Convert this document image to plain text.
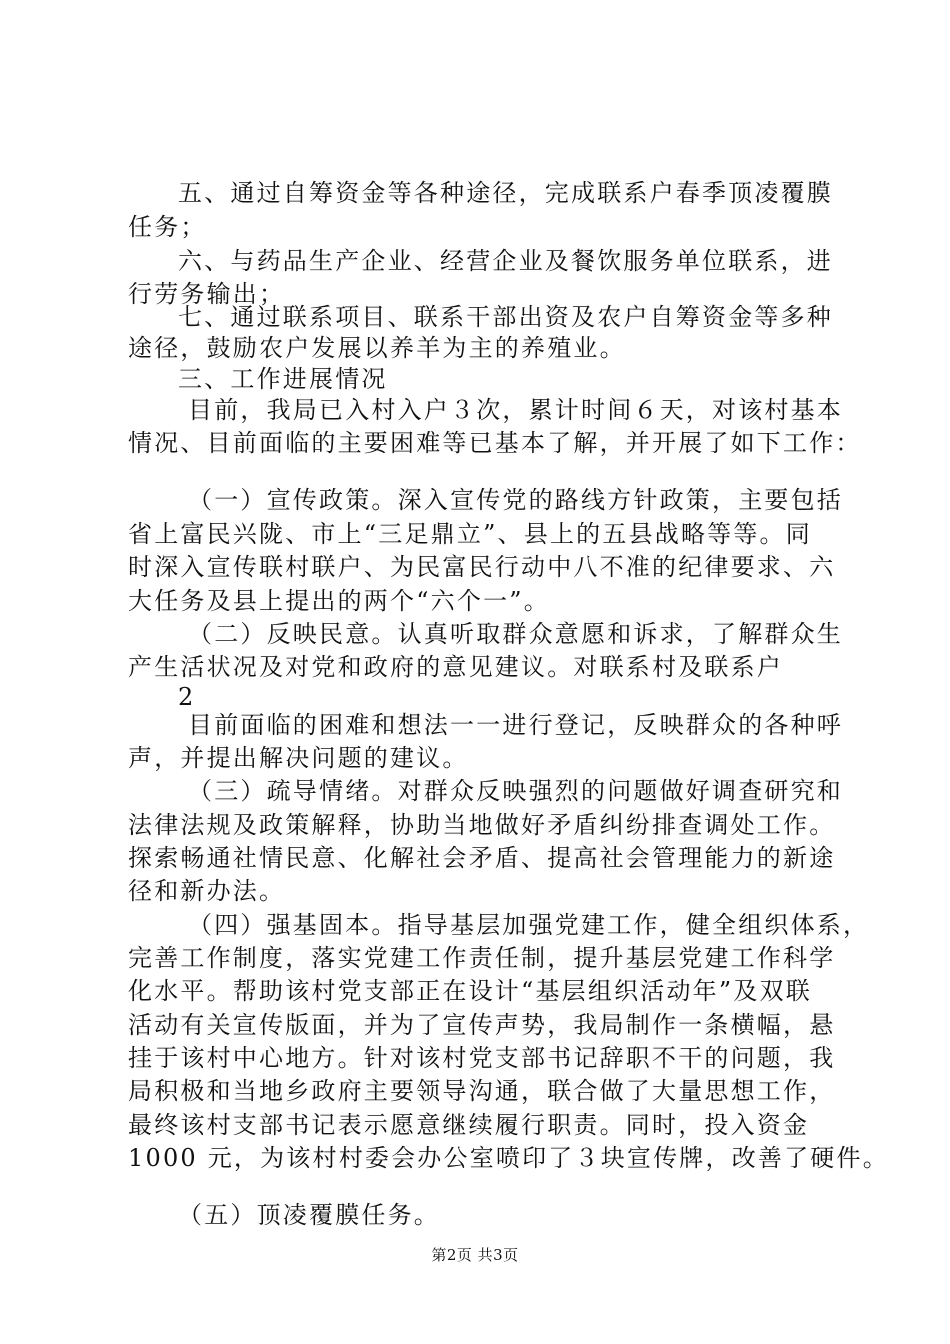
五、通过自筹资金等各种途径，完成联系户春季顶凌覆膜
任务；
六、与药品生产企业、经营企业及餐饮服务单位联系，进
行劳务输出；
七、通过联系项目、联系干部出资及农户自筹资金等多种
途径，鼓励农户发展以养羊为主的养殖业。
三、工作进展情况
目前，我局已入村入户３次，累计时间６天，对该村基本
情况、目前面临的主要困难等已基本了解，并开展了如下工作：
（一）宣传政策。深入宣传党的路线方针政策，主要包括
省上富民兴陇、市上“三足鼎立”、县上的五县战略等等。同
时深入宣传联村联户、为民富民行动中八不准的纪律要求、六
大任务及县上提出的两个“六个一”。
（二）反映民意。认真听取群众意愿和诉求，了解群众生
产生活状况及对党和政府的意见建议。对联系村及联系户
2
目前面临的困难和想法一一进行登记，反映群众的各种呼
声，并提出解决问题的建议。
（三）疏导情绪。对群众反映强烈的问题做好调查研究和
法律法规及政策解释，协助当地做好矛盾纠纷排查调处工作。
探索畅通社情民意、化解社会矛盾、提高社会管理能力的新途
径和新办法。
（四）强基固本。指导基层加强党建工作，健全组织体系，
完善工作制度，落实党建工作责任制，提升基层党建工作科学
化水平。帮助该村党支部正在设计“基层组织活动年”及双联
活动有关宣传版面，并为了宣传声势，我局制作一条横幅，悬
挂于该村中心地方。针对该村党支部书记辞职不干的问题，我
局积极和当地乡政府主要领导沟通，联合做了大量思想工作，
最终该村支部书记表示愿意继续履行职责。同时，投入资金
1000 元，为该村村委会办公室喷印了３块宣传牌，改善了硬件。
（五）顶凌覆膜任务。
第2页 共3页
